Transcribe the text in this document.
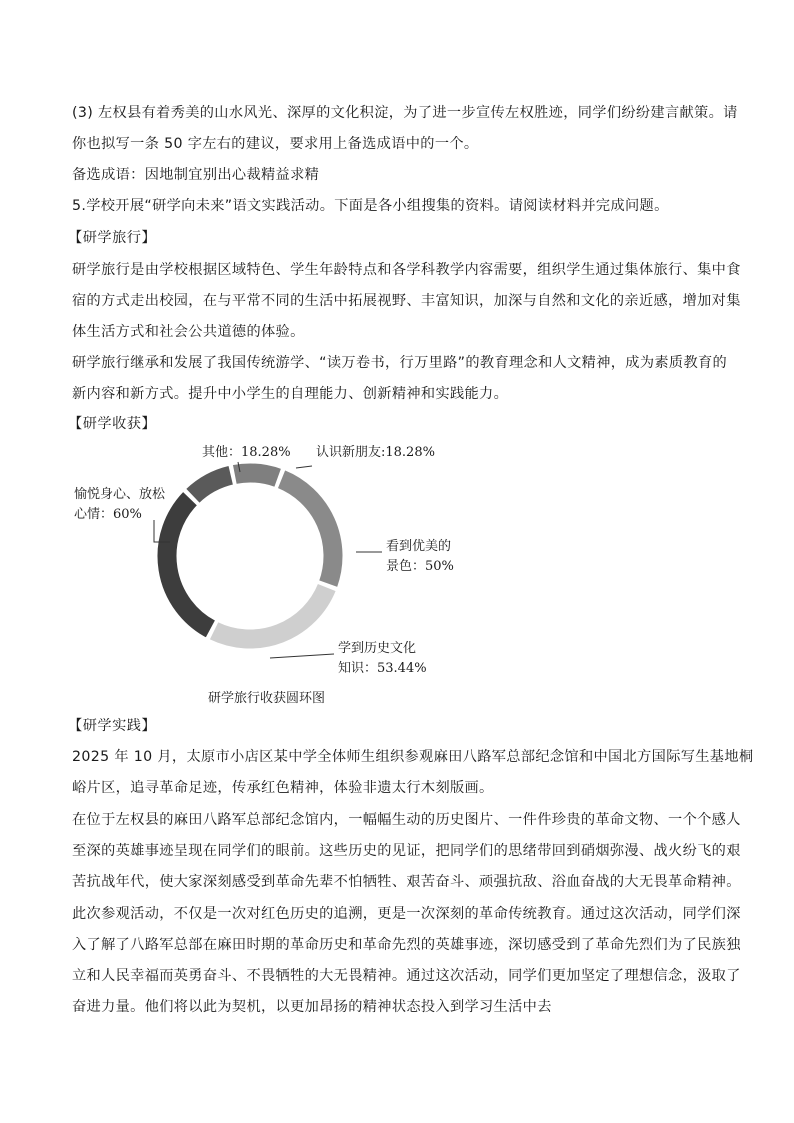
(3) 左权县有着秀美的山水风光、深厚的文化积淀，为了进一步宣传左权胜迹，同学们纷纷建言献策。请
你也拟写一条 50 字左右的建议，要求用上备选成语中的一个。
备选成语：因地制宜别出心裁精益求精
5.学校开展“研学向未来”语文实践活动。下面是各小组搜集的资料。请阅读材料并完成问题。
【研学旅行】
研学旅行是由学校根据区域特色、学生年龄特点和各学科教学内容需要，组织学生通过集体旅行、集中食
宿的方式走出校园，在与平常不同的生活中拓展视野、丰富知识，加深与自然和文化的亲近感，增加对集
体生活方式和社会公共道德的体验。
研学旅行继承和发展了我国传统游学、“读万卷书，行万里路”的教育理念和人文精神，成为素质教育的
新内容和新方式。提升中小学生的自理能力、创新精神和实践能力。
【研学收获】
认识新朋友:18.28%
看到优美的
景色：50%
学到历史文化
知识：53.44%
愉悦身心、放松
心情：60%
其他：18.28%
研学旅行收获圆环图
【研学实践】
2025 年 10 月，太原市小店区某中学全体师生组织参观麻田八路军总部纪念馆和中国北方国际写生基地桐
峪片区，追寻革命足迹，传承红色精神，体验非遗太行木刻版画。
在位于左权县的麻田八路军总部纪念馆内，一幅幅生动的历史图片、一件件珍贵的革命文物、一个个感人
至深的英雄事迹呈现在同学们的眼前。这些历史的见证，把同学们的思绪带回到硝烟弥漫、战火纷飞的艰
苦抗战年代，使大家深刻感受到革命先辈不怕牺牲、艰苦奋斗、顽强抗敌、浴血奋战的大无畏革命精神。
此次参观活动，不仅是一次对红色历史的追溯，更是一次深刻的革命传统教育。通过这次活动，同学们深
入了解了八路军总部在麻田时期的革命历史和革命先烈的英雄事迹，深切感受到了革命先烈们为了民族独
立和人民幸福而英勇奋斗、不畏牺牲的大无畏精神。通过这次活动，同学们更加坚定了理想信念，汲取了
奋进力量。他们将以此为契机，以更加昂扬的精神状态投入到学习生活中去
